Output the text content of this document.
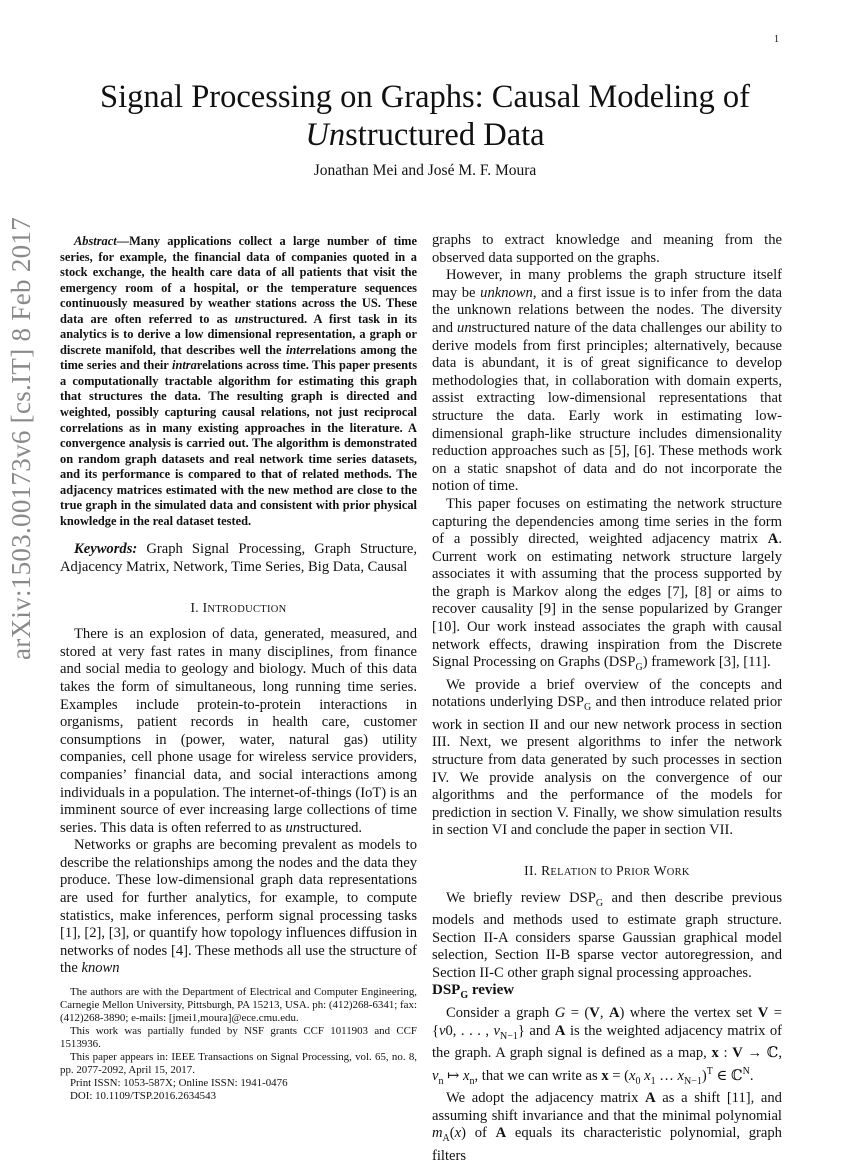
1
arXiv:1503.00173v6 [cs.IT] 8 Feb 2017
Signal Processing on Graphs: Causal Modeling of
Unstructured Data
Jonathan Mei and José M. F. Moura
Abstract—Many applications collect a large number of time series, for example, the financial data of companies quoted in a stock exchange, the health care data of all patients that visit the emergency room of a hospital, or the temperature sequences continuously measured by weather stations across the US. These data are often referred to as unstructured. A first task in its analytics is to derive a low dimensional representation, a graph or discrete manifold, that describes well the interrelations among the time series and their intrarelations across time. This paper presents a computationally tractable algorithm for estimating this graph that structures the data. The resulting graph is directed and weighted, possibly capturing causal relations, not just reciprocal correlations as in many existing approaches in the literature. A convergence analysis is carried out. The algorithm is demonstrated on random graph datasets and real network time series datasets, and its performance is compared to that of related methods. The adjacency matrices estimated with the new method are close to the true graph in the simulated data and consistent with prior physical knowledge in the real dataset tested.

Keywords: Graph Signal Processing, Graph Structure, Adjacency Matrix, Network, Time Series, Big Data, Causal

I. INTRODUCTION

There is an explosion of data, generated, measured, and stored at very fast rates in many disciplines, from finance and social media to geology and biology. Much of this data takes the form of simultaneous, long running time series. Examples include protein-to-protein interactions in organisms, patient records in health care, customer consumptions in (power, water, natural gas) utility companies, cell phone usage for wireless service providers, companies’ financial data, and social interactions among individuals in a population. The internet-of-things (IoT) is an imminent source of ever increasing large collections of time series. This data is often referred to as unstructured.

Networks or graphs are becoming prevalent as models to describe the relationships among the nodes and the data they produce. These low-dimensional graph data representations are used for further analytics, for example, to compute statistics, make inferences, perform signal processing tasks [1], [2], [3], or quantify how topology influences diffusion in networks of nodes [4]. These methods all use the structure of the known

The authors are with the Department of Electrical and Computer Engineering, Carnegie Mellon University, Pittsburgh, PA 15213, USA. ph: (412)268-6341; fax: (412)268-3890; e-mails: [jmei1,moura]@ece.cmu.edu.

This work was partially funded by NSF grants CCF 1011903 and CCF 1513936.

This paper appears in: IEEE Transactions on Signal Processing, vol. 65, no. 8, pp. 2077-2092, April 15, 2017.

Print ISSN: 1053-587X; Online ISSN: 1941-0476

DOI: 10.1109/TSP.2016.2634543

graphs to extract knowledge and meaning from the observed data supported on the graphs.

However, in many problems the graph structure itself may be unknown, and a first issue is to infer from the data the unknown relations between the nodes. The diversity and unstructured nature of the data challenges our ability to derive models from first principles; alternatively, because data is abundant, it is of great significance to develop methodologies that, in collaboration with domain experts, assist extracting low-dimensional representations that structure the data. Early work in estimating low-dimensional graph-like structure includes dimensionality reduction approaches such as [5], [6]. These methods work on a static snapshot of data and do not incorporate the notion of time.

This paper focuses on estimating the network structure capturing the dependencies among time series in the form of a possibly directed, weighted adjacency matrix A. Current work on estimating network structure largely associates it with assuming that the process supported by the graph is Markov along the edges [7], [8] or aims to recover causality [9] in the sense popularized by Granger [10]. Our work instead associates the graph with causal network effects, drawing inspiration from the Discrete Signal Processing on Graphs $(DSP_G)$ framework [3], [11].

We provide a brief overview of the concepts and notations underlying $DSP_G$ and then introduce related prior work in section II and our new network process in section III. Next, we present algorithms to infer the network structure from data generated by such processes in section IV. We provide analysis on the convergence of our algorithms and the performance of the models for prediction in section V. Finally, we show simulation results in section VI and conclude the paper in section VII.

II. RELATION tO PRIOR WORK

We briefly review $DSP_G$ and then describe previous models and methods used to estimate graph structure. Section II-A considers sparse Gaussian graphical model selection, Section II-B sparse vector autoregression, and Section II-C other graph signal processing approaches.

$DSP_G$ review

Consider a graph G = (V, A) where the vertex set V = {v0, . . . , $v_{N-1}$} and A is the weighted adjacency matrix of the graph. A graph signal is defined as a map, x : V → ℂ, $v_n$ ↦ $x_n$, that we can write as $x = (x_0$ $x_1$ … $x_{N-1})^T$ ∈ ℂ$^N$.

We adopt the adjacency matrix A as a shift [11], and assuming shift invariance and that the minimal polynomial $m_A(x)$ of A equals its characteristic polynomial, graph filters
